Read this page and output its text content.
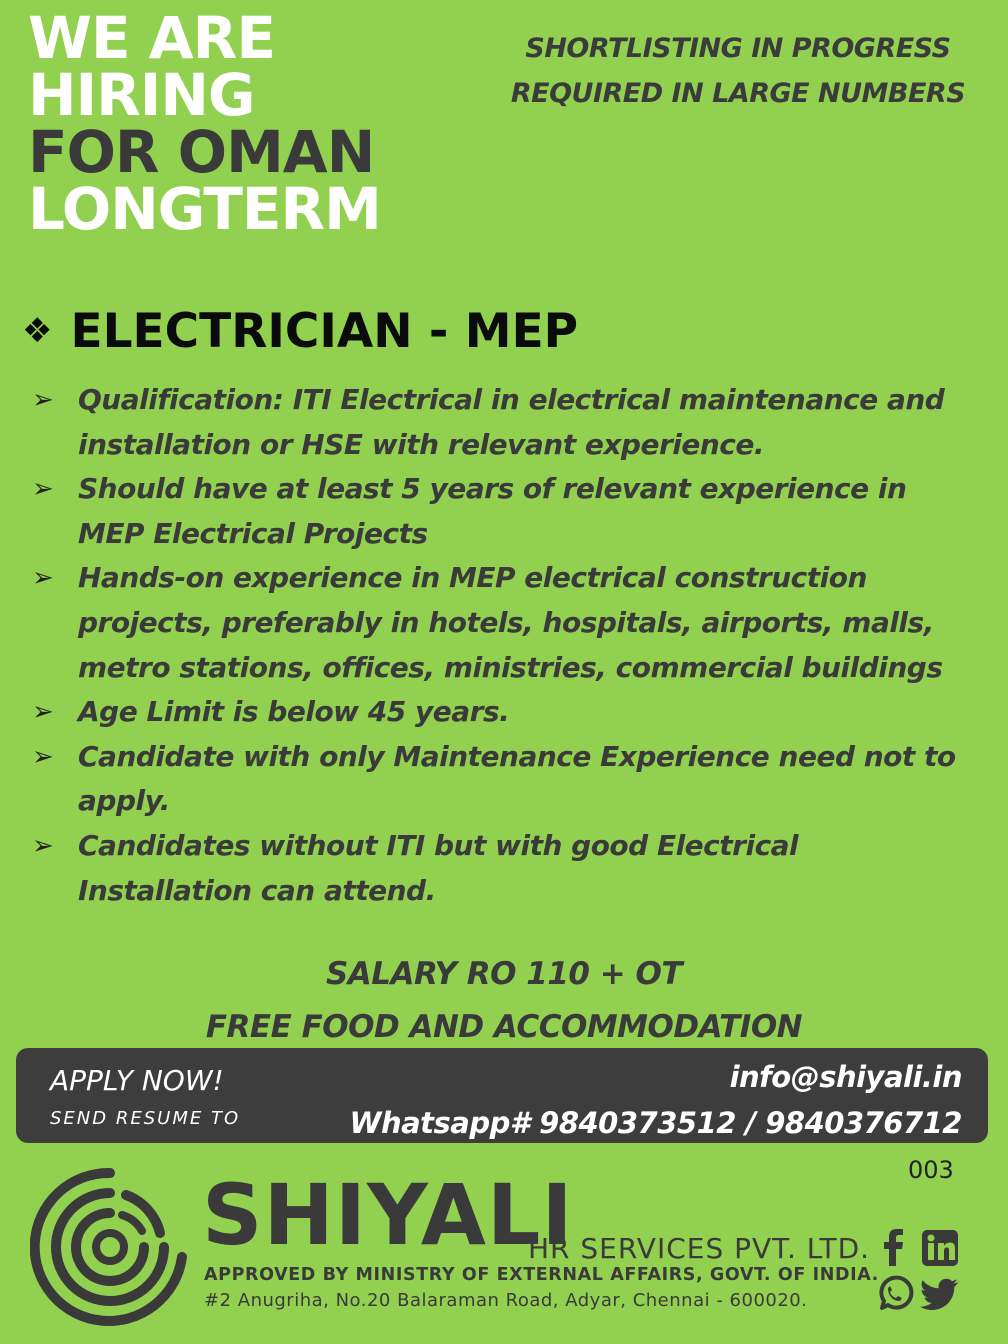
WE ARE
HIRING
FOR OMAN
LONGTERM
SHORTLISTING IN PROGRESS
REQUIRED IN LARGE NUMBERS
❖ ELECTRICIAN - MEP
➢ Qualification: ITI Electrical in electrical maintenance and installation or HSE with relevant experience.
➢ Should have at least 5 years of relevant experience in MEP Electrical Projects
➢ Hands-on experience in MEP electrical construction projects, preferably in hotels, hospitals, airports, malls, metro stations, offices, ministries, commercial buildings
➢ Age Limit is below 45 years.
➢ Candidate with only Maintenance Experience need not to apply.
➢ Candidates without ITI but with good Electrical Installation can attend.
SALARY RO 110 + OT
FREE FOOD AND ACCOMMODATION
APPLY NOW!
SEND RESUME TO
info@shiyali.in
Whatsapp# 9840373512 / 9840376712
003
SHIYALI
HR SERVICES PVT. LTD.
APPROVED BY MINISTRY OF EXTERNAL AFFAIRS, GOVT. OF INDIA.
#2 Anugriha, No.20 Balaraman Road, Adyar, Chennai - 600020.
